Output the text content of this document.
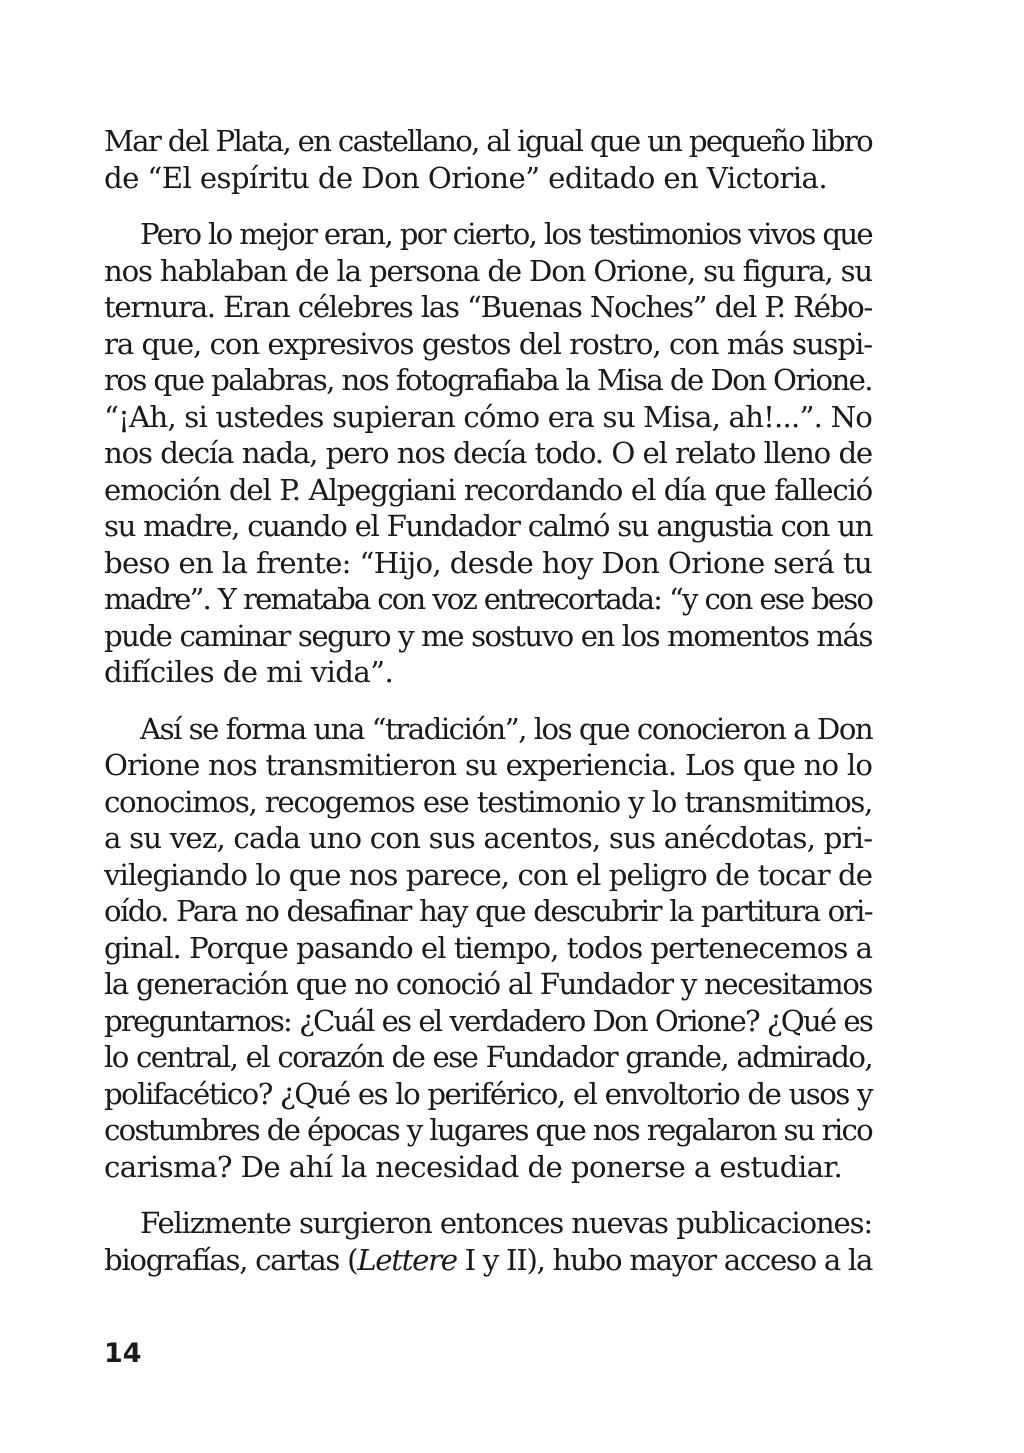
Mar del Plata, en castellano, al igual que un pequeño libro
de “El espíritu de Don Orione” editado en Victoria.
Pero lo mejor eran, por cierto, los testimonios vivos que
nos hablaban de la persona de Don Orione, su figura, su
ternura. Eran célebres las “Buenas Noches” del P. Rébo-
ra que, con expresivos gestos del rostro, con más suspi-
ros que palabras, nos fotografiaba la Misa de Don Orione.
“¡Ah, si ustedes supieran cómo era su Misa, ah!...”. No
nos decía nada, pero nos decía todo. O el relato lleno de
emoción del P. Alpeggiani recordando el día que falleció
su madre, cuando el Fundador calmó su angustia con un
beso en la frente: “Hijo, desde hoy Don Orione será tu
madre”. Y remataba con voz entrecortada: “y con ese beso
pude caminar seguro y me sostuvo en los momentos más
difíciles de mi vida”.
Así se forma una “tradición”, los que conocieron a Don
Orione nos transmitieron su experiencia. Los que no lo
conocimos, recogemos ese testimonio y lo transmitimos,
a su vez, cada uno con sus acentos, sus anécdotas, pri-
vilegiando lo que nos parece, con el peligro de tocar de
oído. Para no desafinar hay que descubrir la partitura ori-
ginal. Porque pasando el tiempo, todos pertenecemos a
la generación que no conoció al Fundador y necesitamos
preguntarnos: ¿Cuál es el verdadero Don Orione? ¿Qué es
lo central, el corazón de ese Fundador grande, admirado,
polifacético? ¿Qué es lo periférico, el envoltorio de usos y
costumbres de épocas y lugares que nos regalaron su rico
carisma? De ahí la necesidad de ponerse a estudiar.
Felizmente surgieron entonces nuevas publicaciones:
biografías, cartas (Lettere I y II), hubo mayor acceso a la
14
